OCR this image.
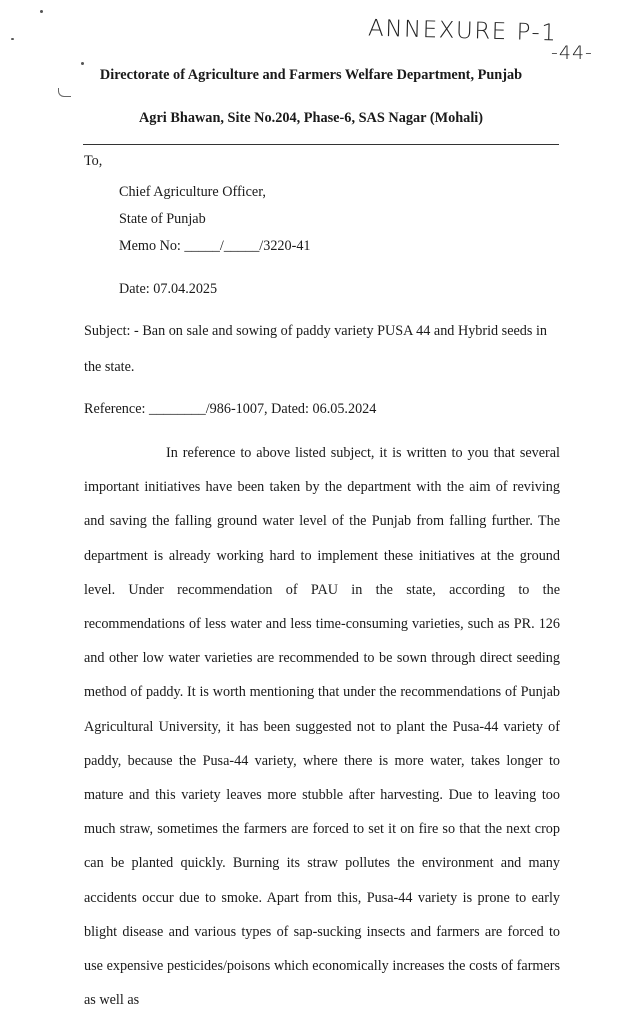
ANNEXURE P-1
-44-
Directorate of Agriculture and Farmers Welfare Department, Punjab
Agri Bhawan, Site No.204, Phase-6, SAS Nagar (Mohali)
To,
Chief Agriculture Officer,
State of Punjab
Memo No: _____/_____/3220-41
Date: 07.04.2025
Subject: - Ban on sale and sowing of paddy variety PUSA 44 and Hybrid seeds in
the state.
Reference: ________/986-1007, Dated: 06.05.2024
In reference to above listed subject, it is written to you that several important initiatives have been taken by the department with the aim of reviving and saving the falling ground water level of the Punjab from falling further. The department is already working hard to implement these initiatives at the ground level. Under recommendation of PAU in the state, according to the recommendations of less water and less time-consuming varieties, such as PR. 126 and other low water varieties are recommended to be sown through direct seeding method of paddy. It is worth mentioning that under the recommendations of Punjab Agricultural University, it has been suggested not to plant the Pusa-44 variety of paddy, because the Pusa-44 variety, where there is more water, takes longer to mature and this variety leaves more stubble after harvesting. Due to leaving too much straw, sometimes the farmers are forced to set it on fire so that the next crop can be planted quickly. Burning its straw pollutes the environment and many accidents occur due to smoke. Apart from this, Pusa-44 variety is prone to early blight disease and various types of sap-sucking insects and farmers are forced to use expensive pesticides/poisons which economically increases the costs of farmers as well as
